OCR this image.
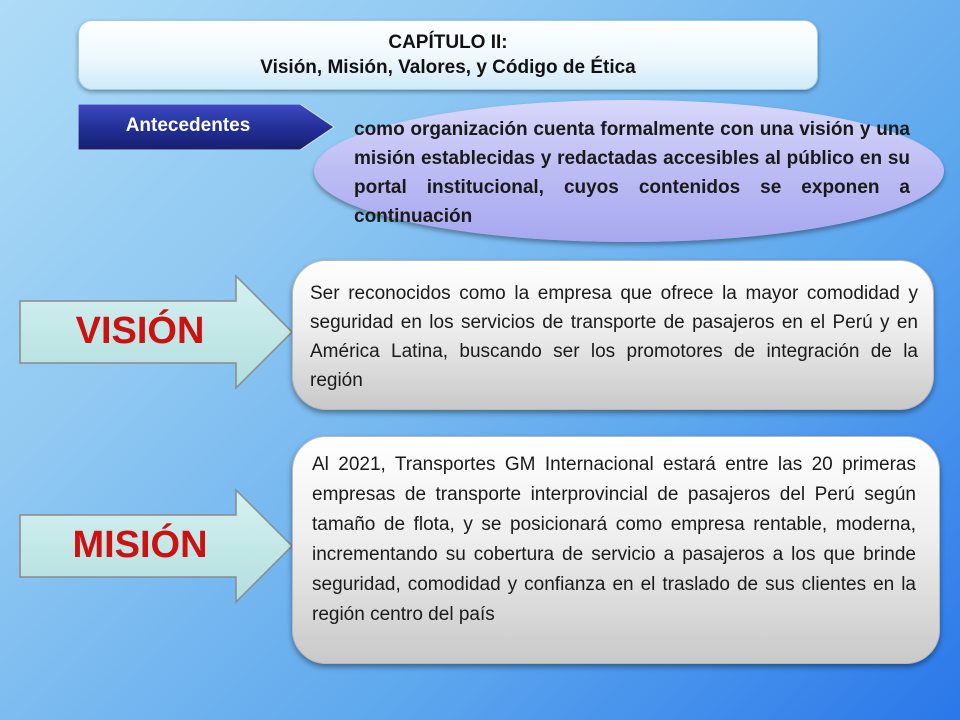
CAPÍTULO II:
Visión, Misión, Valores, y Código de Ética
Antecedentes	como organización cuenta formalmente con una visión y una misión establecidas y redactadas accesibles al público en su portal institucional, cuyos contenidos se exponen a continuación
VISIÓN
Ser reconocidos como la empresa que ofrece la mayor comodidad y seguridad en los servicios de transporte de pasajeros en el Perú y en América Latina, buscando ser los promotores de integración de la región
MISIÓN
Al 2021, Transportes GM Internacional estará entre las 20 primeras empresas de transporte interprovincial de pasajeros del Perú según tamaño de flota, y se posicionará como empresa rentable, moderna, incrementando su cobertura de servicio a pasajeros a los que brinde seguridad, comodidad y confianza en el traslado de sus clientes en la región centro del país
